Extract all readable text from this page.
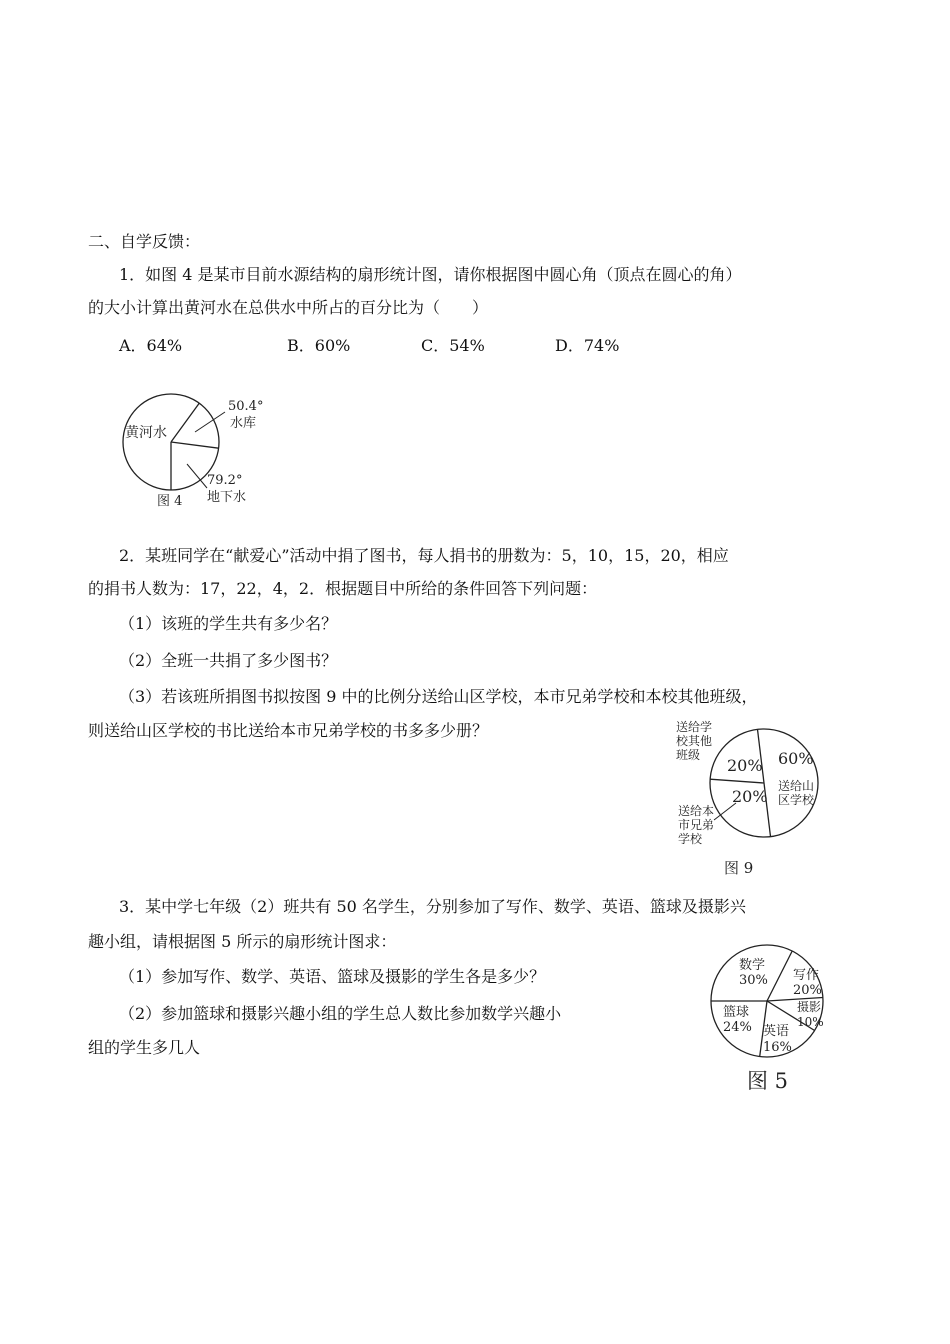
二、自学反馈：
1．如图 4 是某市目前水源结构的扇形统计图，请你根据图中圆心角（顶点在圆心的角）
的大小计算出黄河水在总供水中所占的百分比为（　　）
A．64%	B．60%	C．54%	D．74%
黄河水
50.4°
水库
79.2°
地下水
图 4
2．某班同学在“献爱心”活动中捐了图书，每人捐书的册数为：5，10，15，20，相应
的捐书人数为：17，22，4，2．根据题目中所给的条件回答下列问题：
（1）该班的学生共有多少名？
（2）全班一共捐了多少图书？
（3）若该班所捐图书拟按图 9 中的比例分送给山区学校，本市兄弟学校和本校其他班级，
则送给山区学校的书比送给本市兄弟学校的书多多少册？
60%
20%
20%
送给学
校其他
班级
送给山
区学校
送给本
市兄弟
学校
图 9
3．某中学七年级（2）班共有 50 名学生，分别参加了写作、数学、英语、篮球及摄影兴
趣小组，请根据图 5 所示的扇形统计图求：
（1）参加写作、数学、英语、篮球及摄影的学生各是多少？
（2）参加篮球和摄影兴趣小组的学生总人数比参加数学兴趣小
组的学生多几人
数学
30% 写作
20%
摄影
10%
英语
16%
篮球
24%
图 5
